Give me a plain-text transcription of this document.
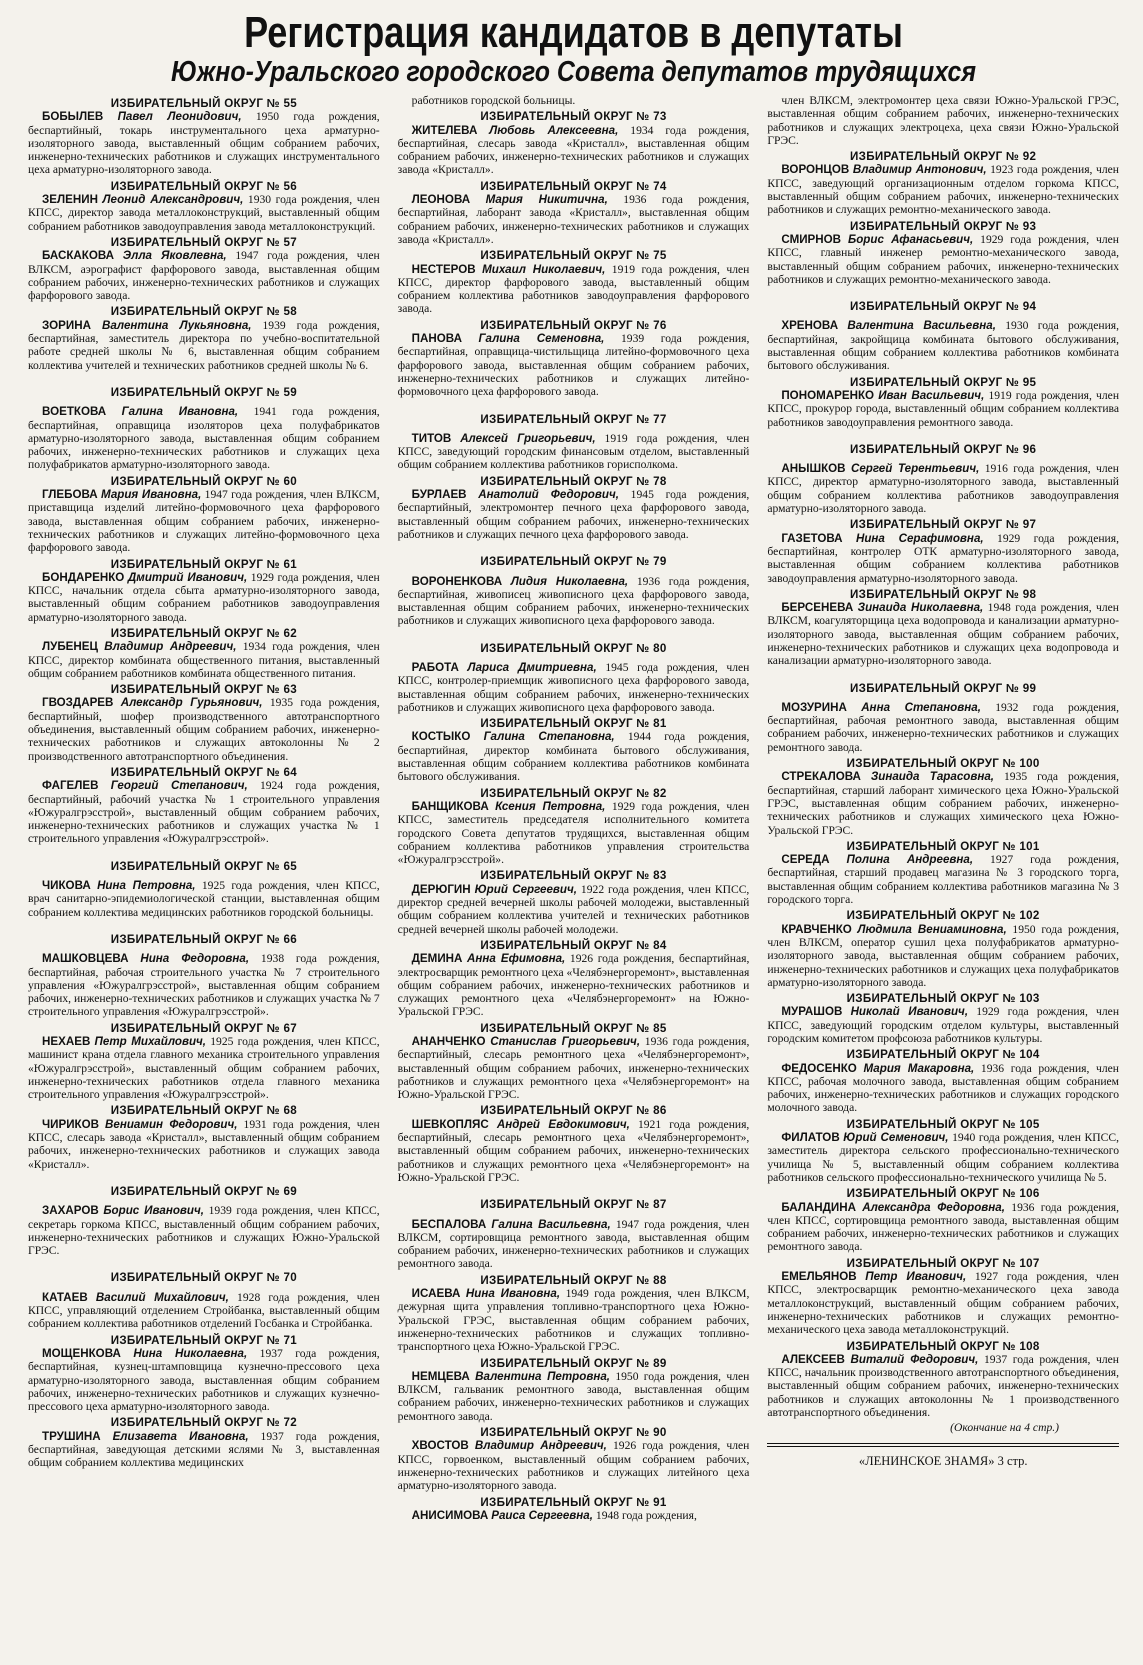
Регистрация кандидатов в депутаты
Южно-Уральского городского Совета депутатов трудящихся
ИЗБИРАТЕЛЬНЫЙ ОКРУГ № 55

БОБЫЛЕВ Павел Леонидович, 1950 года рождения, беспартийный, токарь инструментального цеха арматурно-изоляторного завода, выставленный общим собранием рабочих, инженерно-технических работников и служащих инструментального цеха арматурно-изоляторного завода.

ИЗБИРАТЕЛЬНЫЙ ОКРУГ № 56

ЗЕЛЕНИН Леонид Александрович, 1930 года рождения, член КПСС, директор завода металлоконструкций, выставленный общим собранием работников заводоуправления завода металлоконструкций.

ИЗБИРАТЕЛЬНЫЙ ОКРУГ № 57

БАСКАКОВА Элла Яковлевна, 1947 года рождения, член ВЛКСМ, аэрографист фарфорового завода, выставленная общим собранием рабочих, инженерно-технических работников и служащих фарфорового завода.

ИЗБИРАТЕЛЬНЫЙ ОКРУГ № 58

ЗОРИНА Валентина Лукьяновна, 1939 года рождения, беспартийная, заместитель директора по учебно-воспитательной работе средней школы № 6, выставленная общим собранием коллектива учителей и технических работников средней школы № 6.

ИЗБИРАТЕЛЬНЫЙ ОКРУГ № 59

ВОЕТКОВА Галина Ивановна, 1941 года рождения, беспартийная, оправщица изоляторов цеха полуфабрикатов арматурно-изоляторного завода, выставленная общим собранием рабочих, инженерно-технических работников и служащих цеха полуфабрикатов арматурно-изоляторного завода.

ИЗБИРАТЕЛЬНЫЙ ОКРУГ № 60

ГЛЕБОВА Мария Ивановна, 1947 года рождения, член ВЛКСМ, приставщица изделий литейно-формовочного цеха фарфорового завода, выставленная общим собранием рабочих, инженерно-технических работников и служащих литейно-формовочного цеха фарфорового завода.

ИЗБИРАТЕЛЬНЫЙ ОКРУГ № 61

БОНДАРЕНКО Дмитрий Иванович, 1929 года рождения, член КПСС, начальник отдела сбыта арматурно-изоляторного завода, выставленный общим собранием работников заводоуправления арматурно-изоляторного завода.

ИЗБИРАТЕЛЬНЫЙ ОКРУГ № 62

ЛУБЕНЕЦ Владимир Андреевич, 1934 года рождения, член КПСС, директор комбината общественного питания, выставленный общим собранием работников комбината общественного питания.

ИЗБИРАТЕЛЬНЫЙ ОКРУГ № 63

ГВОЗДАРЕВ Александр Гурьянович, 1935 года рождения, беспартийный, шофер производственного автотранспортного объединения, выставленный общим собранием рабочих, инженерно-технических работников и служащих автоколонны № 2 производственного автотранспортного объединения.

ИЗБИРАТЕЛЬНЫЙ ОКРУГ № 64

ФАГЕЛЕВ Георгий Степанович, 1924 года рождения, беспартийный, рабочий участка № 1 строительного управления «Южуралгрэсстрой», выставленный общим собранием рабочих, инженерно-технических работников и служащих участка № 1 строительного управления «Южуралгрэсстрой».

ИЗБИРАТЕЛЬНЫЙ ОКРУГ № 65

ЧИКОВА Нина Петровна, 1925 года рождения, член КПСС, врач санитарно-эпидемиологической станции, выставленная общим собранием коллектива медицинских работников городской больницы.

ИЗБИРАТЕЛЬНЫЙ ОКРУГ № 66

МАШКОВЦЕВА Нина Федоровна, 1938 года рождения, беспартийная, рабочая строительного участка № 7 строительного управления «Южуралгрэсстрой», выставленная общим собранием рабочих, инженерно-технических работников и служащих участка № 7 строительного управления «Южуралгрэсстрой».

ИЗБИРАТЕЛЬНЫЙ ОКРУГ № 67

НЕХАЕВ Петр Михайлович, 1925 года рождения, член КПСС, машинист крана отдела главного механика строительного управления «Южуралгрэсстрой», выставленный общим собранием рабочих, инженерно-технических работников отдела главного механика строительного управления «Южуралгрэсстрой».

ИЗБИРАТЕЛЬНЫЙ ОКРУГ № 68

ЧИРИКОВ Вениамин Федорович, 1931 года рождения, член КПСС, слесарь завода «Кристалл», выставленный общим собранием рабочих, инженерно-технических работников и служащих завода «Кристалл».

ИЗБИРАТЕЛЬНЫЙ ОКРУГ № 69

ЗАХАРОВ Борис Иванович, 1939 года рождения, член КПСС, секретарь горкома КПСС, выставленный общим собранием рабочих, инженерно-технических работников и служащих Южно-Уральской ГРЭС.

ИЗБИРАТЕЛЬНЫЙ ОКРУГ № 70

КАТАЕВ Василий Михайлович, 1928 года рождения, член КПСС, управляющий отделением Стройбанка, выставленный общим собранием коллектива работников отделений Госбанка и Стройбанка.

ИЗБИРАТЕЛЬНЫЙ ОКРУГ № 71

МОЩЕНКОВА Нина Николаевна, 1937 года рождения, беспартийная, кузнец-штамповщица кузнечно-прессового цеха арматурно-изоляторного завода, выставленная общим собранием рабочих, инженерно-технических работников и служащих кузнечно-прессового цеха арматурно-изоляторного завода.

ИЗБИРАТЕЛЬНЫЙ ОКРУГ № 72

ТРУШИНА Елизавета Ивановна, 1937 года рождения, беспартийная, заведующая детскими яслями № 3, выставленная общим собранием коллектива медицинских

работников городской больницы.

ИЗБИРАТЕЛЬНЫЙ ОКРУГ № 73

ЖИТЕЛЕВА Любовь Алексеевна, 1934 года рождения, беспартийная, слесарь завода «Кристалл», выставленная общим собранием рабочих, инженерно-технических работников и служащих завода «Кристалл».

ИЗБИРАТЕЛЬНЫЙ ОКРУГ № 74

ЛЕОНОВА Мария Никитична, 1936 года рождения, беспартийная, лаборант завода «Кристалл», выставленная общим собранием рабочих, инженерно-технических работников и служащих завода «Кристалл».

ИЗБИРАТЕЛЬНЫЙ ОКРУГ № 75

НЕСТЕРОВ Михаил Николаевич, 1919 года рождения, член КПСС, директор фарфорового завода, выставленный общим собранием коллектива работников заводоуправления фарфорового завода.

ИЗБИРАТЕЛЬНЫЙ ОКРУГ № 76

ПАНОВА Галина Семеновна, 1939 года рождения, беспартийная, оправщица-чистильщица литейно-формовочного цеха фарфорового завода, выставленная общим собранием рабочих, инженерно-технических работников и служащих литейно-формовочного цеха фарфорового завода.

ИЗБИРАТЕЛЬНЫЙ ОКРУГ № 77

ТИТОВ Алексей Григорьевич, 1919 года рождения, член КПСС, заведующий городским финансовым отделом, выставленный общим собранием коллектива работников горисполкома.

ИЗБИРАТЕЛЬНЫЙ ОКРУГ № 78

БУРЛАЕВ Анатолий Федорович, 1945 года рождения, беспартийный, электромонтер печного цеха фарфорового завода, выставленный общим собранием рабочих, инженерно-технических работников и служащих печного цеха фарфорового завода.

ИЗБИРАТЕЛЬНЫЙ ОКРУГ № 79

ВОРОНЕНКОВА Лидия Николаевна, 1936 года рождения, беспартийная, живописец живописного цеха фарфорового завода, выставленная общим собранием рабочих, инженерно-технических работников и служащих живописного цеха фарфорового завода.

ИЗБИРАТЕЛЬНЫЙ ОКРУГ № 80

РАБОТА Лариса Дмитриевна, 1945 года рождения, член КПСС, контролер-приемщик живописного цеха фарфорового завода, выставленная общим собранием рабочих, инженерно-технических работников и служащих живописного цеха фарфорового завода.

ИЗБИРАТЕЛЬНЫЙ ОКРУГ № 81

КОСТЫКО Галина Степановна, 1944 года рождения, беспартийная, директор комбината бытового обслуживания, выставленная общим собранием коллектива работников комбината бытового обслуживания.

ИЗБИРАТЕЛЬНЫЙ ОКРУГ № 82

БАНЩИКОВА Ксения Петровна, 1929 года рождения, член КПСС, заместитель председателя исполнительного комитета городского Совета депутатов трудящихся, выставленная общим собранием коллектива работников управления строительства «Южуралгрэсстрой».

ИЗБИРАТЕЛЬНЫЙ ОКРУГ № 83

ДЕРЮГИН Юрий Сергеевич, 1922 года рождения, член КПСС, директор средней вечерней школы рабочей молодежи, выставленный общим собранием коллектива учителей и технических работников средней вечерней школы рабочей молодежи.

ИЗБИРАТЕЛЬНЫЙ ОКРУГ № 84

ДЕМИНА Анна Ефимовна, 1926 года рождения, беспартийная, электросварщик ремонтного цеха «Челябэнергоремонт», выставленная общим собранием рабочих, инженерно-технических работников и служащих ремонтного цеха «Челябэнергоремонт» на Южно-Уральской ГРЭС.

ИЗБИРАТЕЛЬНЫЙ ОКРУГ № 85

АНАНЧЕНКО Станислав Григорьевич, 1936 года рождения, беспартийный, слесарь ремонтного цеха «Челябэнергоремонт», выставленный общим собранием рабочих, инженерно-технических работников и служащих ремонтного цеха «Челябэнергоремонт» на Южно-Уральской ГРЭС.

ИЗБИРАТЕЛЬНЫЙ ОКРУГ № 86

ШЕВКОПЛЯС Андрей Евдокимович, 1921 года рождения, беспартийный, слесарь ремонтного цеха «Челябэнергоремонт», выставленный общим собранием рабочих, инженерно-технических работников и служащих ремонтного цеха «Челябэнергоремонт» на Южно-Уральской ГРЭС.

ИЗБИРАТЕЛЬНЫЙ ОКРУГ № 87

БЕСПАЛОВА Галина Васильевна, 1947 года рождения, член ВЛКСМ, сортировщица ремонтного завода, выставленная общим собранием рабочих, инженерно-технических работников и служащих ремонтного завода.

ИЗБИРАТЕЛЬНЫЙ ОКРУГ № 88

ИСАЕВА Нина Ивановна, 1949 года рождения, член ВЛКСМ, дежурная щита управления топливно-транспортного цеха Южно-Уральской ГРЭС, выставленная общим собранием рабочих, инженерно-технических работников и служащих топливно-транспортного цеха Южно-Уральской ГРЭС.

ИЗБИРАТЕЛЬНЫЙ ОКРУГ № 89

НЕМЦЕВА Валентина Петровна, 1950 года рождения, член ВЛКСМ, гальваник ремонтного завода, выставленная общим собранием рабочих, инженерно-технических работников и служащих ремонтного завода.

ИЗБИРАТЕЛЬНЫЙ ОКРУГ № 90

ХВОСТОВ Владимир Андреевич, 1926 года рождения, член КПСС, горвоенком, выставленный общим собранием рабочих, инженерно-технических работников и служащих литейного цеха арматурно-изоляторного завода.

ИЗБИРАТЕЛЬНЫЙ ОКРУГ № 91

АНИСИМОВА Раиса Сергеевна, 1948 года рождения,

член ВЛКСМ, электромонтер цеха связи Южно-Уральской ГРЭС, выставленная общим собранием рабочих, инженерно-технических работников и служащих электроцеха, цеха связи Южно-Уральской ГРЭС.

ИЗБИРАТЕЛЬНЫЙ ОКРУГ № 92

ВОРОНЦОВ Владимир Антонович, 1923 года рождения, член КПСС, заведующий организационным отделом горкома КПСС, выставленный общим собранием рабочих, инженерно-технических работников и служащих ремонтно-механического завода.

ИЗБИРАТЕЛЬНЫЙ ОКРУГ № 93

СМИРНОВ Борис Афанасьевич, 1929 года рождения, член КПСС, главный инженер ремонтно-механического завода, выставленный общим собранием рабочих, инженерно-технических работников и служащих ремонтно-механического завода.

ИЗБИРАТЕЛЬНЫЙ ОКРУГ № 94

ХРЕНОВА Валентина Васильевна, 1930 года рождения, беспартийная, закройщица комбината бытового обслуживания, выставленная общим собранием коллектива работников комбината бытового обслуживания.

ИЗБИРАТЕЛЬНЫЙ ОКРУГ № 95

ПОНОМАРЕНКО Иван Васильевич, 1919 года рождения, член КПСС, прокурор города, выставленный общим собранием коллектива работников заводоуправления ремонтного завода.

ИЗБИРАТЕЛЬНЫЙ ОКРУГ № 96

АНЫШКОВ Сергей Терентьевич, 1916 года рождения, член КПСС, директор арматурно-изоляторного завода, выставленный общим собранием коллектива работников заводоуправления арматурно-изоляторного завода.

ИЗБИРАТЕЛЬНЫЙ ОКРУГ № 97

ГАЗЕТОВА Нина Серафимовна, 1929 года рождения, беспартийная, контролер ОТК арматурно-изоляторного завода, выставленная общим собранием коллектива работников заводоуправления арматурно-изоляторного завода.

ИЗБИРАТЕЛЬНЫЙ ОКРУГ № 98

БЕРСЕНЕВА Зинаида Николаевна, 1948 года рождения, член ВЛКСМ, коагуляторщица цеха водопровода и канализации арматурно-изоляторного завода, выставленная общим собранием рабочих, инженерно-технических работников и служащих цеха водопровода и канализации арматурно-изоляторного завода.

ИЗБИРАТЕЛЬНЫЙ ОКРУГ № 99

МОЗУРИНА Анна Степановна, 1932 года рождения, беспартийная, рабочая ремонтного завода, выставленная общим собранием рабочих, инженерно-технических работников и служащих ремонтного завода.

ИЗБИРАТЕЛЬНЫЙ ОКРУГ № 100

СТРЕКАЛОВА Зинаида Тарасовна, 1935 года рождения, беспартийная, старший лаборант химического цеха Южно-Уральской ГРЭС, выставленная общим собранием рабочих, инженерно-технических работников и служащих химического цеха Южно-Уральской ГРЭС.

ИЗБИРАТЕЛЬНЫЙ ОКРУГ № 101

СЕРЕДА Полина Андреевна, 1927 года рождения, беспартийная, старший продавец магазина № 3 городского торга, выставленная общим собранием коллектива работников магазина № 3 городского торга.

ИЗБИРАТЕЛЬНЫЙ ОКРУГ № 102

КРАВЧЕНКО Людмила Вениаминовна, 1950 года рождения, член ВЛКСМ, оператор сушил цеха полуфабрикатов арматурно-изоляторного завода, выставленная общим собранием рабочих, инженерно-технических работников и служащих цеха полуфабрикатов арматурно-изоляторного завода.

ИЗБИРАТЕЛЬНЫЙ ОКРУГ № 103

МУРАШОВ Николай Иванович, 1929 года рождения, член КПСС, заведующий городским отделом культуры, выставленный городским комитетом профсоюза работников культуры.

ИЗБИРАТЕЛЬНЫЙ ОКРУГ № 104

ФЕДОСЕНКО Мария Макаровна, 1936 года рождения, член КПСС, рабочая молочного завода, выставленная общим собранием рабочих, инженерно-технических работников и служащих городского молочного завода.

ИЗБИРАТЕЛЬНЫЙ ОКРУГ № 105

ФИЛАТОВ Юрий Семенович, 1940 года рождения, член КПСС, заместитель директора сельского профессионально-технического училища № 5, выставленный общим собранием коллектива работников сельского профессионально-технического училища № 5.

ИЗБИРАТЕЛЬНЫЙ ОКРУГ № 106

БАЛАНДИНА Александра Федоровна, 1936 года рождения, член КПСС, сортировщица ремонтного завода, выставленная общим собранием рабочих, инженерно-технических работников и служащих ремонтного завода.

ИЗБИРАТЕЛЬНЫЙ ОКРУГ № 107

ЕМЕЛЬЯНОВ Петр Иванович, 1927 года рождения, член КПСС, электросварщик ремонтно-механического цеха завода металлоконструкций, выставленный общим собранием рабочих, инженерно-технических работников и служащих ремонтно-механического цеха завода металлоконструкций.

ИЗБИРАТЕЛЬНЫЙ ОКРУГ № 108

АЛЕКСЕЕВ Виталий Федорович, 1937 года рождения, член КПСС, начальник производственного автотранспортного объединения, выставленный общим собранием рабочих, инженерно-технических работников и служащих автоколонны № 1 производственного автотранспортного объединения.

(Окончание на 4 стр.)
«ЛЕНИНСКОЕ ЗНАМЯ» 3 стр.
